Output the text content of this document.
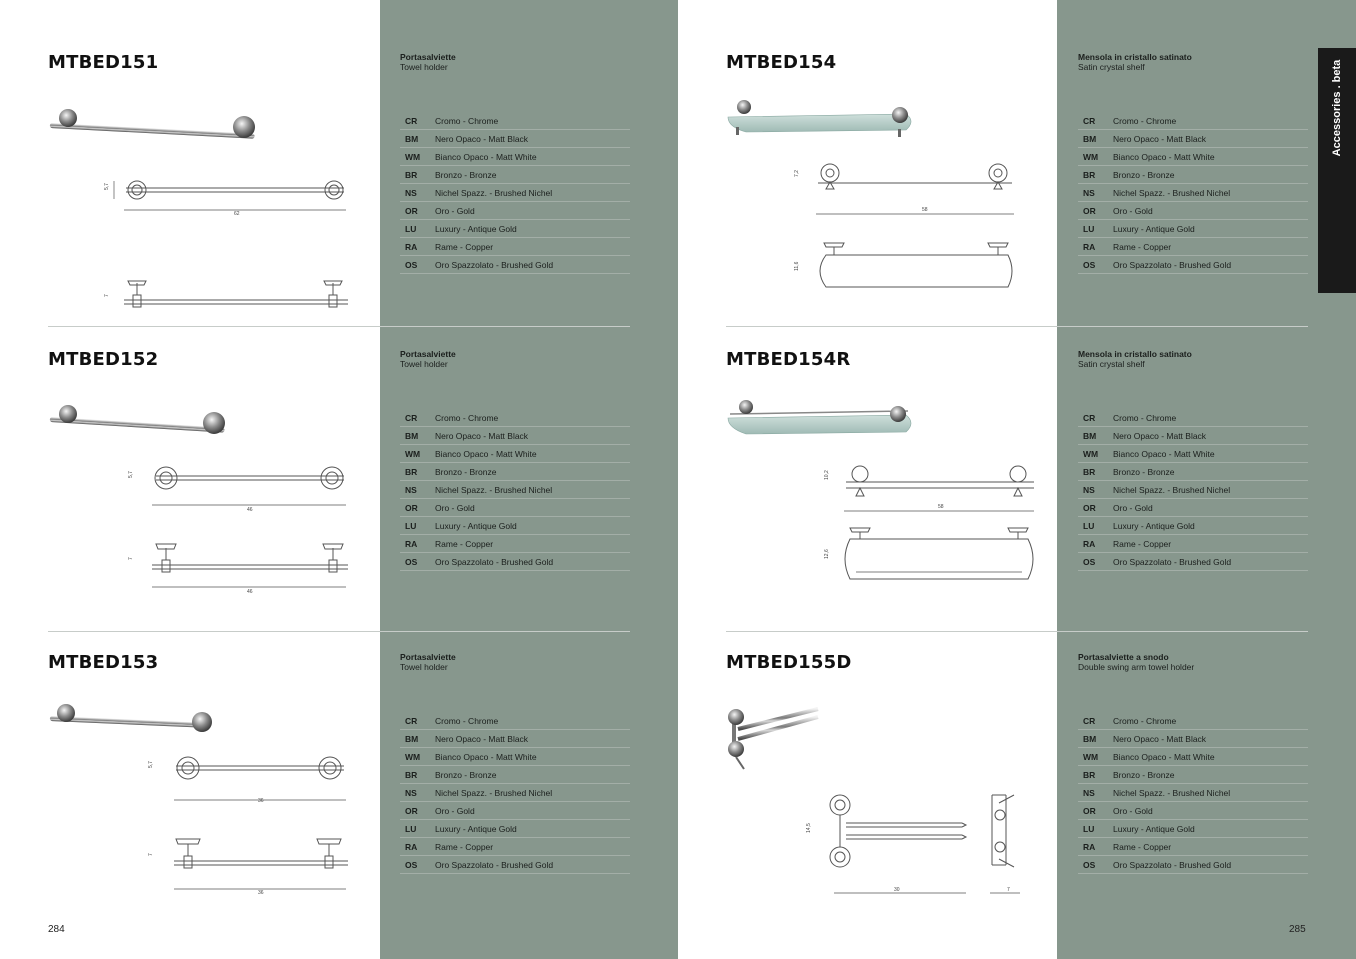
MTBED151	Portasalviette
Towel holder
CR	Cromo - Chrome
BM	Nero Opaco - Matt Black
WM	Bianco Opaco - Matt White
BR	Bronzo - Bronze
NS	Nichel Spazz. - Brushed Nichel
OR	Oro - Gold
LU	Luxury - Antique Gold
RA	Rame - Copper
OS	Oro Spazzolato - Brushed Gold
5,7
62
7
MTBED152	Portasalviette
Towel holder
CR	Cromo - Chrome
BM	Nero Opaco - Matt Black
WM	Bianco Opaco - Matt White
BR	Bronzo - Bronze
NS	Nichel Spazz. - Brushed Nichel
OR	Oro - Gold
LU	Luxury - Antique Gold
RA	Rame - Copper
OS	Oro Spazzolato - Brushed Gold
5,7
46
7
46
MTBED153	Portasalviette
Towel holder
CR	Cromo - Chrome
BM	Nero Opaco - Matt Black
WM	Bianco Opaco - Matt White
BR	Bronzo - Bronze
NS	Nichel Spazz. - Brushed Nichel
OR	Oro - Gold
LU	Luxury - Antique Gold
RA	Rame - Copper
OS	Oro Spazzolato - Brushed Gold
5,7
36
7
36
284
Accessories . beta
MTBED154	Mensola in cristallo satinato
Satin crystal shelf
CR	Cromo - Chrome
BM	Nero Opaco - Matt Black
WM	Bianco Opaco - Matt White
BR	Bronzo - Bronze
NS	Nichel Spazz. - Brushed Nichel
OR	Oro - Gold
LU	Luxury - Antique Gold
RA	Rame - Copper
OS	Oro Spazzolato - Brushed Gold
7,2
58
11,6
MTBED154R	Mensola in cristallo satinato
Satin crystal shelf
CR	Cromo - Chrome
BM	Nero Opaco - Matt Black
WM	Bianco Opaco - Matt White
BR	Bronzo - Bronze
NS	Nichel Spazz. - Brushed Nichel
OR	Oro - Gold
LU	Luxury - Antique Gold
RA	Rame - Copper
OS	Oro Spazzolato - Brushed Gold
10,2
58
12,6
MTBED155D	Portasalviette a snodo
Double swing arm towel holder
CR	Cromo - Chrome
BM	Nero Opaco - Matt Black
WM	Bianco Opaco - Matt White
BR	Bronzo - Bronze
NS	Nichel Spazz. - Brushed Nichel
OR	Oro - Gold
LU	Luxury - Antique Gold
RA	Rame - Copper
OS	Oro Spazzolato - Brushed Gold
14,5
30	7
285
